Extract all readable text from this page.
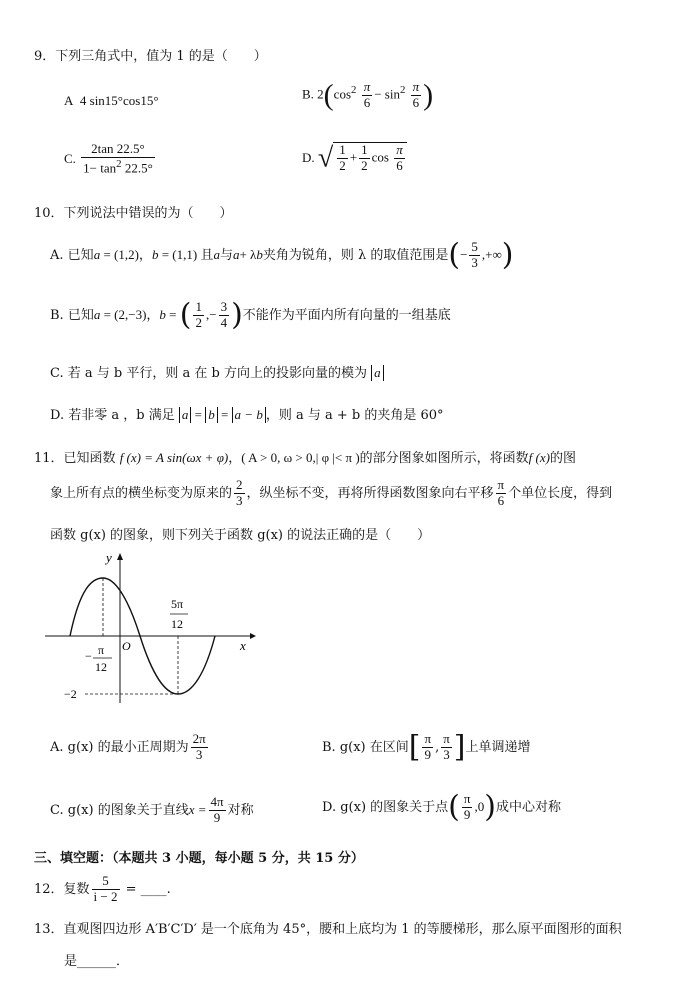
9．下列三角式中，值为 1 的是（　　）
A 4 sin15°cos15°	B. $2(\cos^2 \frac{\pi}{6} - \sin^2 \frac{\pi}{6}$ )
C. $\frac{2\tan 22.5^\circ}{1- \tan^2 22.5^\circ}$	D. √ $\frac{1}{2} + \frac{1}{2}$ $\cos \frac{\pi}{6}$
10．下列说法中错误的为（　　）
A. 已知a = (1,2)，b = (1,1) 且a与a+ λb夹角为锐角，则 λ 的取值范围是(− $\frac{5}{3}$ ,+∞)
B. 已知a = (2,−3)，b = ( $\frac{1}{2}$ ,− $\frac{3}{4}$ )不能作为平面内所有向量的一组基底
C. 若 a 与 b 平行，则 a 在 b 方向上的投影向量的模为 a
D. 若非零 a ，b 满足 a = b = a − b ，则 a 与 a + b 的夹角是 60°
11．已知函数 f (x) = A sin(ωx + φ)，( A > 0, ω > 0,| φ |< π )的部分图象如图所示，将函数f (x)的图
象上所有点的横坐标变为原来的 $\frac{2}{3}$ ，纵坐标不变，再将所得函数图象向右平移 $\frac{\pi}{6}$ 个单位长度，得到
函数 g(x) 的图象，则下列关于函数 g(x) 的说法正确的是（　　）
y
x
O
5π
12
− π
12
−2
A. g(x) 的最小正周期为 $\frac{2\pi}{3}$	B. g(x) 在区间[ $\frac{\pi}{9}$ , $\frac{\pi}{3}$ ]上单调递增
C. g(x) 的图象关于直线$x = \frac{4\pi}{9}$ 对称	D. g(x) 的图象关于点( $\frac{\pi}{9} ,0$)成中心对称
三、填空题：（本题共 3 小题，每小题 5 分，共 15 分）
12．复数 $\frac{5}{i - 2}$ = ____.
13．直观图四边形 A′B′C′D′ 是一个底角为 45°，腰和上底均为 1 的等腰梯形，那么原平面图形的面积
是______．
